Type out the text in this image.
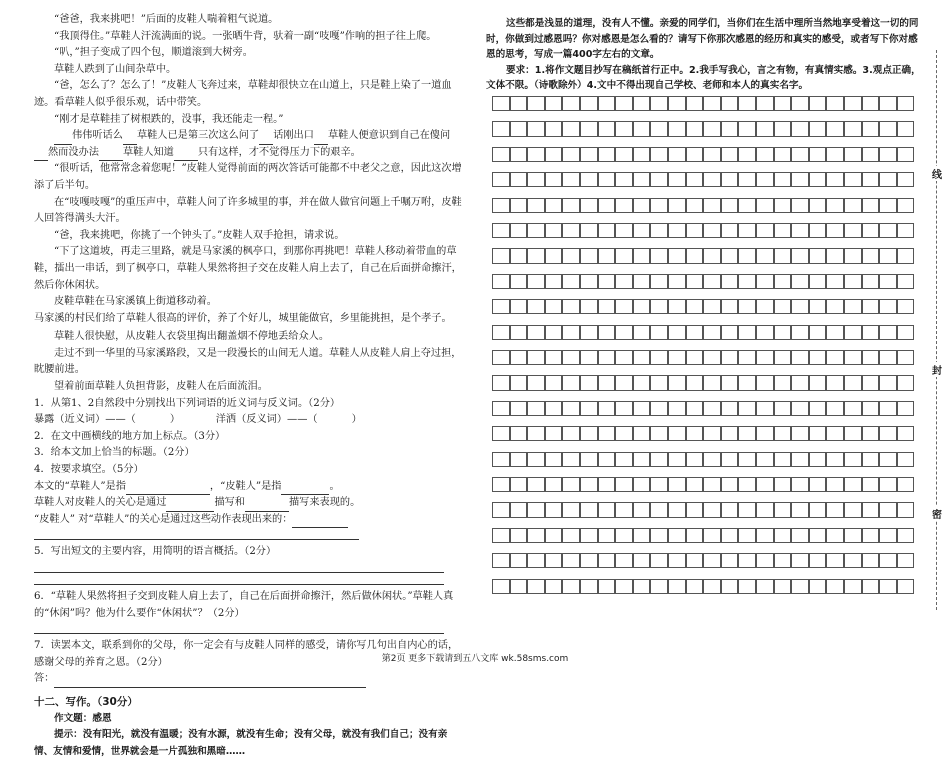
“爸爸，我来挑吧！”后面的皮鞋人喘着粗气说道。

“我顶得住。”草鞋人汗流满面的说。一张晒牛背，驮着一副“吱嘎”作响的担子往上爬。

“叭，”担子变成了四个包，顺道滚到大树旁。

草鞋人跌到了山间杂草中。

“爸，怎么了？怎么了！”皮鞋人飞奔过来，草鞋却很快立在山道上，只是鞋上染了一道血迹。看草鞋人似乎很乐观，话中带笑。

“刚才是草鞋挂了树根跌的，没事，我还能走一程。”

伟伟听话么 草鞋人已是第三次这么问了 话刚出口 草鞋人便意识到自己在傻问然而没办法 草鞋人知道 只有这样，才不觉得压力下的艰辛。

“很听话，他常常念着您呢！”皮鞋人觉得前面的两次答话可能都不中老父之意，因此这次增添了后半句。

在“吱嘎吱嘎”的重压声中，草鞋人问了许多城里的事，并在做人做官问题上千嘱万咐，皮鞋人回答得满头大汗。

“爸，我来挑吧，你挑了一个钟头了。”皮鞋人双手抢担，请求说。

“下了这道坡，再走三里路，就是马家溪的枫亭口，到那你再挑吧！草鞋人移动着带血的草鞋，擂出一串话，到了枫亭口，草鞋人果然将担子交在皮鞋人肩上去了，自己在后面拼命擦汗，然后你休闲状。

皮鞋草鞋在马家溪镇上街道移动着。

马家溪的村民们给了草鞋人很高的评价，养了个好儿，城里能做官，乡里能挑担，是个孝子。

草鞋人很快慰，从皮鞋人衣袋里掏出翻盖烟不停地丢给众人。

走过不到一华里的马家溪路段，又是一段漫长的山间无人道。草鞋人从皮鞋人肩上夺过担，眈腰前进。

望着前面草鞋人负担背影，皮鞋人在后面流泪。

1．从第1、2自然段中分别找出下列词语的近义词与反义词。（2分）

暴露（近义词）——（	）　　　　洋洒（反义词）——（	）

2．在文中画横线的地方加上标点。（3分）

3．给本文加上恰当的标题。（2分）

4．按要求填空。（5分）

本文的“草鞋人”是指	，“皮鞋人”是指	。

草鞋人对皮鞋人的关心是通过	描写和	描写来表现的。

“皮鞋人” 对“草鞋人”的关心是通过这些动作表现出来的：

5．写出短文的主要内容，用简明的语言概括。（2分）

6．“草鞋人果然将担子交到皮鞋人肩上去了，自己在后面拼命擦汗，然后做休闲状。”草鞋人真的“休闲”吗？他为什么要作“休闲状”？（2分）

7．读罢本文，联系到你的父母，你一定会有与皮鞋人同样的感受，请你写几句出自内心的话，感谢父母的养育之恩。（2分）

答：

十二、写作。（30分）

作文题：感恩

提示：没有阳光，就没有温暖；没有水源，就没有生命；没有父母，就没有我们自己；没有亲情、友情和爱情，世界就会是一片孤独和黑暗……

这些都是浅显的道理，没有人不懂。亲爱的同学们，当你们在生活中理所当然地享受着这一切的同时，你做到过感恩吗？你对感恩是怎么看的？请写下你那次感恩的经历和真实的感受，或者写下你对感恩的思考，写成一篇400字左右的文章。

要求：1.将作文题目抄写在稿纸首行正中。2.我手写我心，言之有物，有真情实感。3.观点正确，文体不限。（诗歌除外）4.文中不得出现自己学校、老师和本人的真实名字。

线
封
密
第2页 更多下载请到五八文库 wk.58sms.com
